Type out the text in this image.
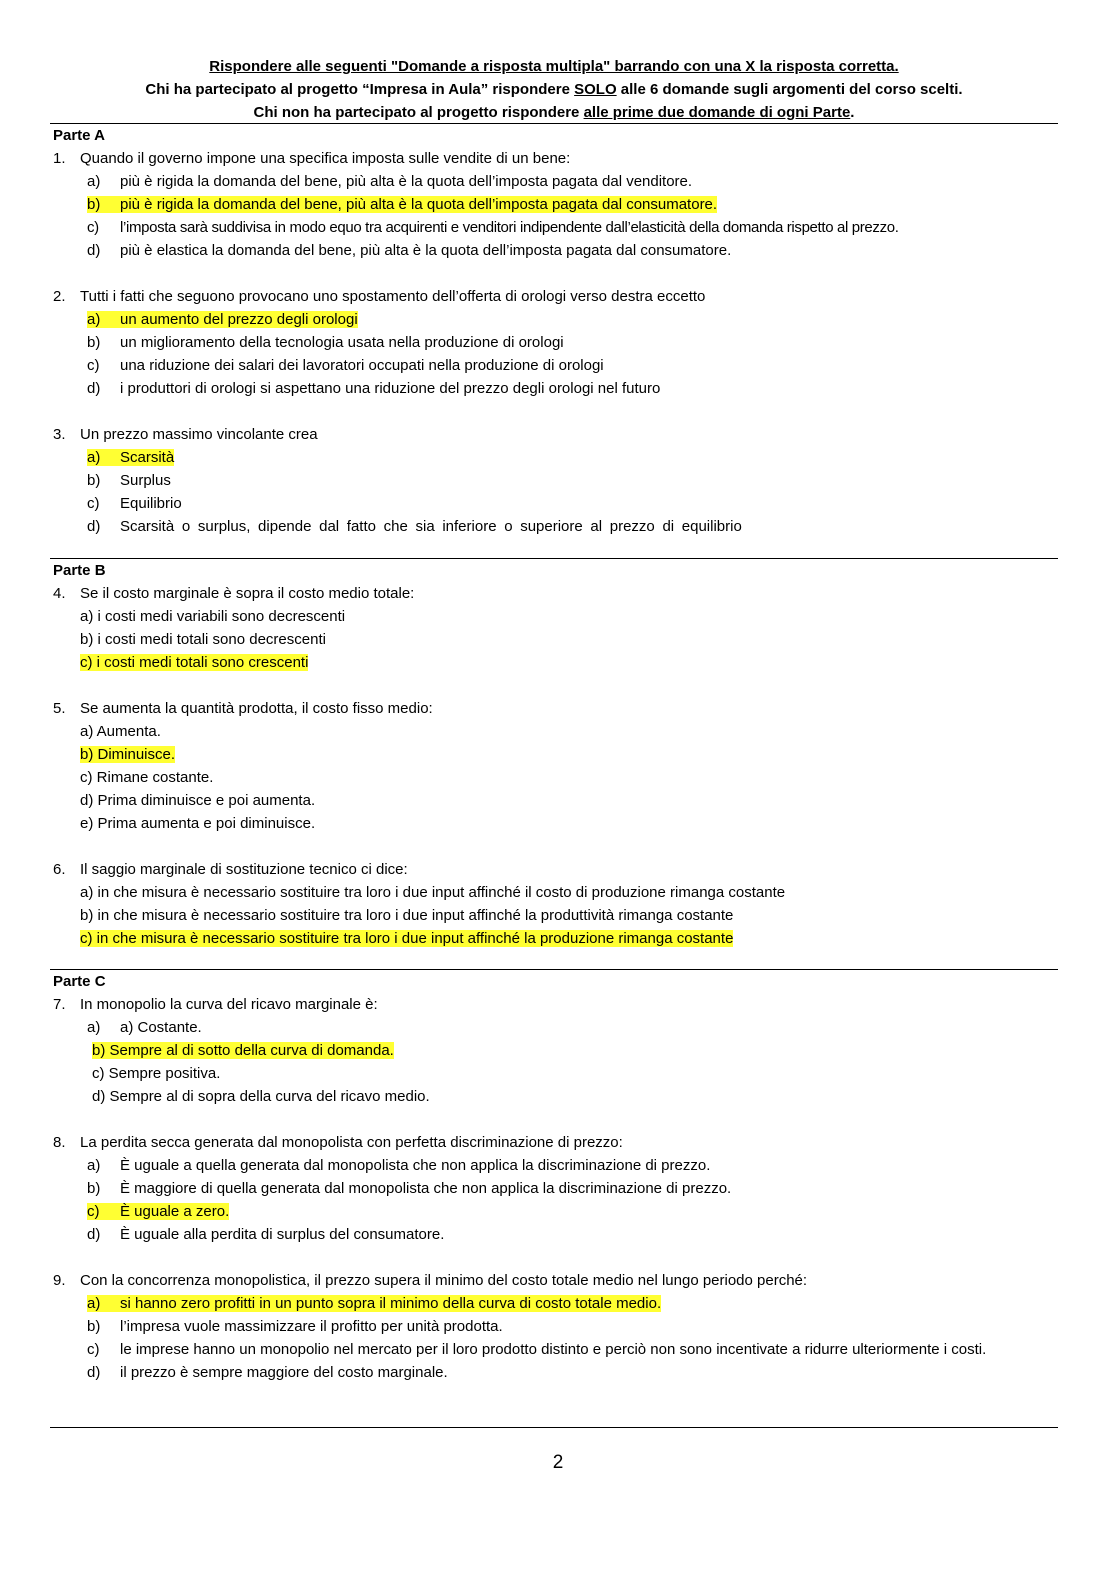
Rispondere alle seguenti "Domande a risposta multipla" barrando con una X la risposta corretta.
Chi ha partecipato al progetto “Impresa in Aula” rispondere SOLO alle 6 domande sugli argomenti del corso scelti.
Chi non ha partecipato al progetto rispondere alle prime due domande di ogni Parte.
Parte A
1. Quando il governo impone una specifica imposta sulle vendite di un bene:
a) più è rigida la domanda del bene, più alta è la quota dell’imposta pagata dal venditore.
b) più è rigida la domanda del bene, più alta è la quota dell’imposta pagata dal consumatore.
c) l’imposta sarà suddivisa in modo equo tra acquirenti e venditori indipendente dall’elasticità della domanda rispetto al prezzo.
d) più è elastica la domanda del bene, più alta è la quota dell’imposta pagata dal consumatore.
2. Tutti i fatti che seguono provocano uno spostamento dell’offerta di orologi verso destra eccetto
a) un aumento del prezzo degli orologi
b) un miglioramento della tecnologia usata nella produzione di orologi
c) una riduzione dei salari dei lavoratori occupati nella produzione di orologi
d) i produttori di orologi si aspettano una riduzione del prezzo degli orologi nel futuro
3. Un prezzo massimo vincolante crea
a) Scarsità
b) Surplus
c) Equilibrio
d) Scarsità o surplus, dipende dal fatto che sia inferiore o superiore al prezzo di equilibrio
Parte B
4. Se il costo marginale è sopra il costo medio totale:
a) i costi medi variabili sono decrescenti
b) i costi medi totali sono decrescenti
c) i costi medi totali sono crescenti
5. Se aumenta la quantità prodotta, il costo fisso medio:
a) Aumenta.
b) Diminuisce.
c) Rimane costante.
d) Prima diminuisce e poi aumenta.
e) Prima aumenta e poi diminuisce.
6. Il saggio marginale di sostituzione tecnico ci dice:
a) in che misura è necessario sostituire tra loro i due input affinché il costo di produzione rimanga costante
b) in che misura è necessario sostituire tra loro i due input affinché la produttività rimanga costante
c) in che misura è necessario sostituire tra loro i due input affinché la produzione rimanga costante
Parte C
7. In monopolio la curva del ricavo marginale è:
a) a) Costante.
b) Sempre al di sotto della curva di domanda.
c) Sempre positiva.
d) Sempre al di sopra della curva del ricavo medio.
8. La perdita secca generata dal monopolista con perfetta discriminazione di prezzo:
a) È uguale a quella generata dal monopolista che non applica la discriminazione di prezzo.
b) È maggiore di quella generata dal monopolista che non applica la discriminazione di prezzo.
c) È uguale a zero.
d) È uguale alla perdita di surplus del consumatore.
9. Con la concorrenza monopolistica, il prezzo supera il minimo del costo totale medio nel lungo periodo perché:
a) si hanno zero profitti in un punto sopra il minimo della curva di costo totale medio.
b) l’impresa vuole massimizzare il profitto per unità prodotta.
c)	le imprese hanno un monopolio nel mercato per il loro prodotto distinto e perciò non sono incentivate a ridurre ulteriormente i costi.
d) il prezzo è sempre maggiore del costo marginale.
2
